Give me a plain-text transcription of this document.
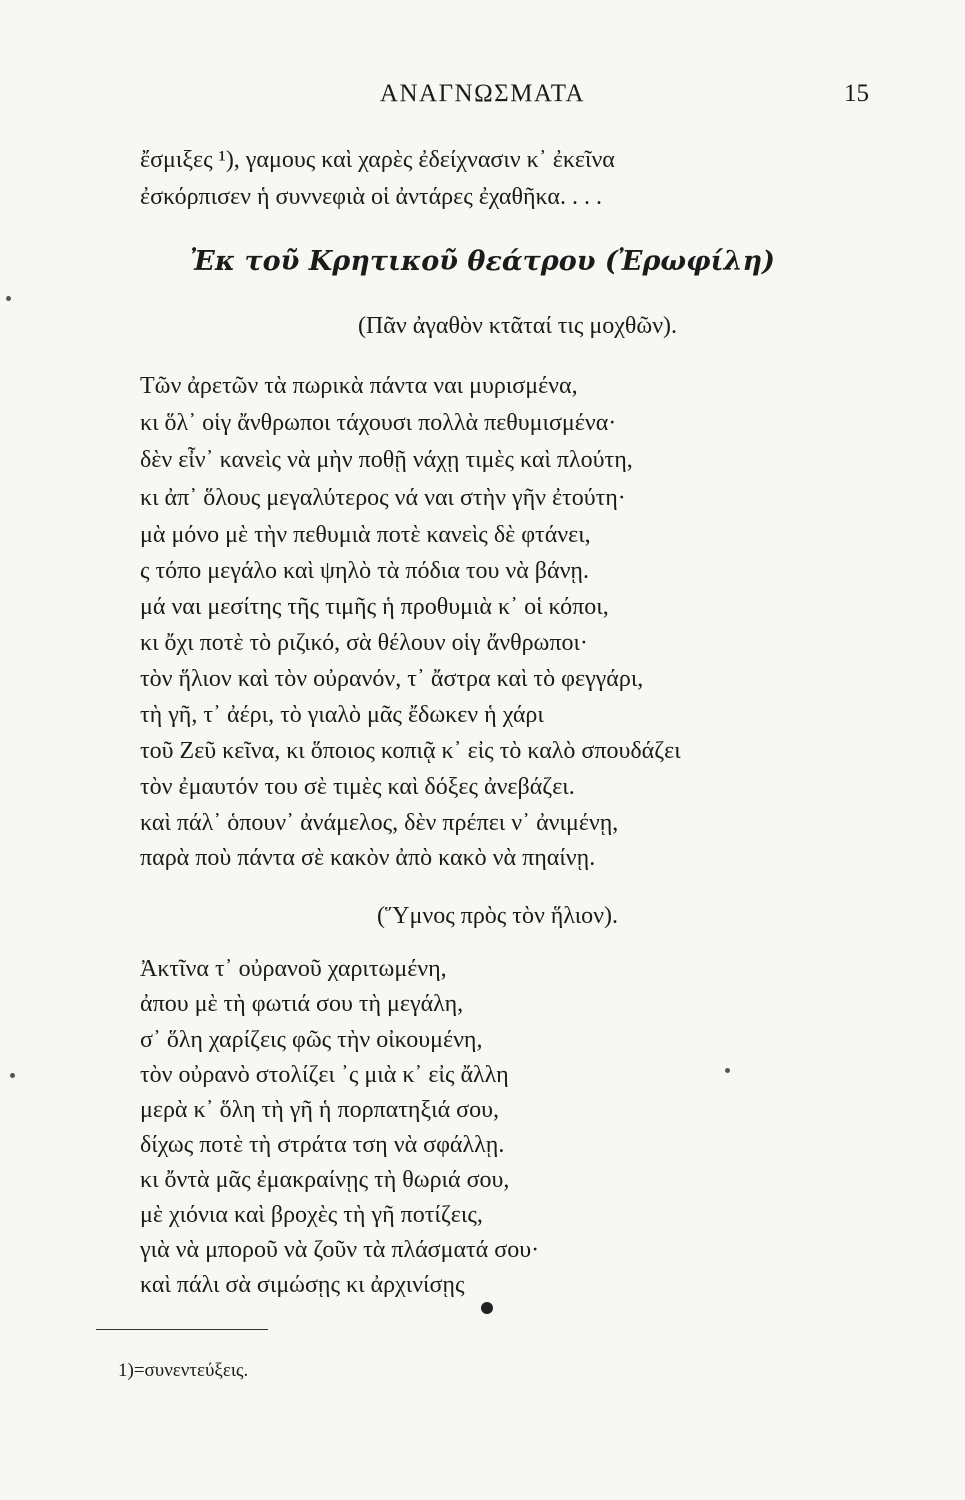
ΑΝΑΓΝΩΣΜΑΤΑ	15
ἔσμιξες ¹), γαμους καὶ χαρὲς ἐδείχνασιν κ᾽ ἐκεῖνα
ἐσκόρπισεν ἡ συννεφιὰ οἱ ἀντάρες ἐχαθῆκα. . . .
Ἐκ τοῦ Κρητικοῦ θεάτρου (Ἐρωφίλη)
(Πᾶν ἀγαθὸν κτᾶταί τις μοχθῶν).
Τῶν ἀρετῶν τὰ πωρικὰ πάντα ναι μυρισμένα,
κι ὅλ᾽ οἱγ ἄνθρωποι τάχουσι πολλὰ πεθυμισμένα·
δὲν εἶν᾽ κανεὶς νὰ μὴν ποθῇ νάχῃ τιμὲς καὶ πλούτη,
κι ἀπ᾽ ὅλους μεγαλύτερος νά ναι στὴν γῆν ἐτούτη·
μὰ μόνο μὲ τὴν πεθυμιὰ ποτὲ κανεὶς δὲ φτάνει,
ς τόπο μεγάλο καὶ ψηλὸ τὰ πόδια του νὰ βάνῃ.
μά ναι μεσίτης τῆς τιμῆς ἡ προθυμιὰ κ᾽ οἱ κόποι,
κι ὄχι ποτὲ τὸ ριζικό, σὰ θέλουν οἱγ ἄνθρωποι·
τὸν ἥλιον καὶ τὸν οὐρανόν, τ᾽ ἄστρα καὶ τὸ φεγγάρι,
τὴ γῆ, τ᾽ ἀέρι, τὸ γιαλὸ μᾶς ἔδωκεν ἡ χάρι
τοῦ Ζεῦ κεῖνα, κι ὅποιος κοπιᾷ κ᾽ εἰς τὸ καλὸ σπουδάζει
τὸν ἐμαυτόν του σὲ τιμὲς καὶ δόξες ἀνεβάζει.
καὶ πάλ᾽ ὁπουν᾽ ἀνάμελος, δὲν πρέπει ν᾽ ἀνιμένῃ,
παρὰ ποὺ πάντα σὲ κακὸν ἀπὸ κακὸ νὰ πηαίνῃ.
(Ὕμνος πρὸς τὸν ἥλιον).
Ἀκτῖνα τ᾽ οὐρανοῦ χαριτωμένη,
ἀπου μὲ τὴ φωτιά σου τὴ μεγάλη,
σ᾽ ὅλη χαρίζεις φῶς τὴν οἰκουμένη,
τὸν οὐρανὸ στολίζει ᾽ς μιὰ κ᾽ εἰς ἄλλη
μερὰ κ᾽ ὅλη τὴ γῆ ἡ πορπατηξιά σου,
δίχως ποτὲ τὴ στράτα τση νὰ σφάλλῃ.
κι ὄντὰ μᾶς ἐμακραίνῃς τὴ θωριά σου,
μὲ χιόνια καὶ βροχὲς τὴ γῆ ποτίζεις,
γιὰ νὰ μποροῦ νὰ ζοῦν τὰ πλάσματά σου·
καὶ πάλι σὰ σιμώσῃς κι ἀρχινίσῃς
1)=συνεντεύξεις.
